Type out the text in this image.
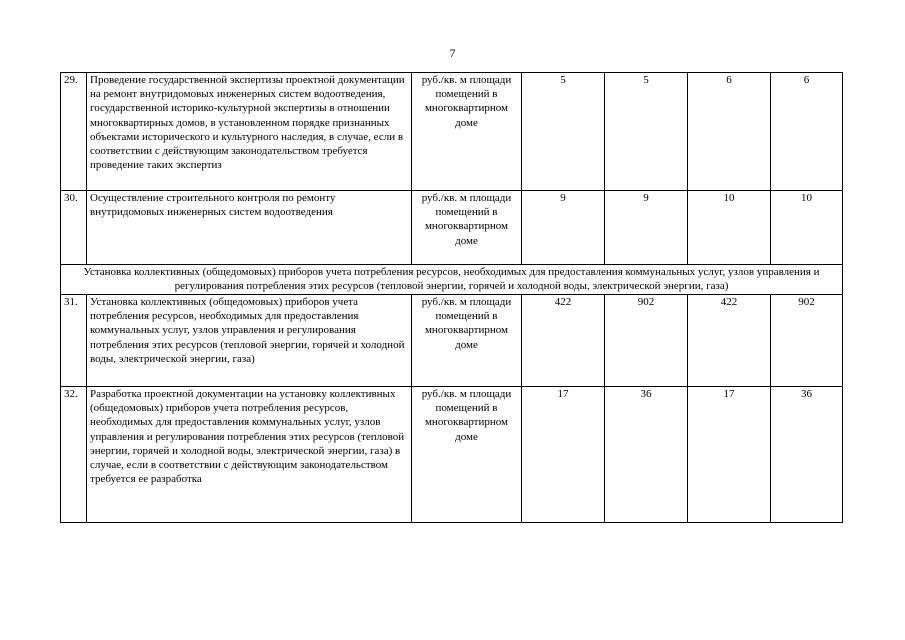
7
29.	Проведение государственной экспертизы проектной документации на ремонт внутридомовых инженерных систем водоотведения, государственной историко-культурной экспертизы в отношении многоквартирных домов, в установленном порядке признанных объектами исторического и культурного наследия, в случае, если в соответствии с действующим законодательством требуется проведение таких экспертиз	руб./кв. м площади помещений в многоквартирном доме	5	5	6	6
30.	Осуществление строительного контроля по ремонту внутридомовых инженерных систем водоотведения	руб./кв. м площади помещений в многоквартирном доме	9	9	10	10
Установка коллективных (общедомовых) приборов учета потребления ресурсов, необходимых для предоставления коммунальных услуг, узлов управления и регулирования потребления этих ресурсов (тепловой энергии, горячей и холодной воды, электрической энергии, газа)						
31.	Установка коллективных (общедомовых) приборов учета потребления ресурсов, необходимых для предоставления коммунальных услуг, узлов управления и регулирования потребления этих ресурсов (тепловой энергии, горячей и холодной воды, электрической энергии, газа)	руб./кв. м площади помещений в многоквартирном доме	422	902	422	902
32.	Разработка проектной документации на установку коллективных (общедомовых) приборов учета потребления ресурсов, необходимых для предоставления коммунальных услуг, узлов управления и регулирования потребления этих ресурсов (тепловой энергии, горячей и холодной воды, электрической энергии, газа) в случае, если в соответствии с действующим законодательством требуется ее разработка	руб./кв. м площади помещений в многоквартирном доме	17	36	17	36
